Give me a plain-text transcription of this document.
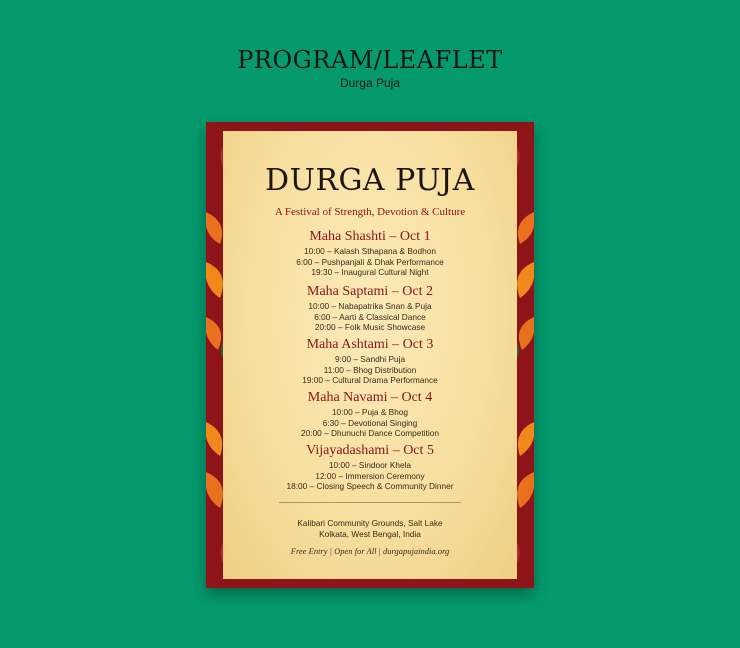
PROGRAM/LEAFLET
Durga Puja
DURGA PUJA
A Festival of Strength, Devotion & Culture
Maha Shashti – Oct 1
10:00 – Kalash Sthapana & Bodhon
6:00 – Pushpanjali & Dhak Performance
19:30 – Inaugural Cultural Night
Maha Saptami – Oct 2
10:00 – Nabapatrika Snan & Puja
6:00 – Aarti & Classical Dance
20:00 – Folk Music Showcase
Maha Ashtami – Oct 3
9:00 – Sandhi Puja
11:00 – Bhog Distribution
19:00 – Cultural Drama Performance
Maha Navami – Oct 4
10:00 – Puja & Bhog
6:30 – Devotional Singing
20:00 – Dhunuchi Dance Competition
Vijayadashami – Oct 5
10:00 – Sindoor Khela
12:00 – Immersion Ceremony
18:00 – Closing Speech & Community Dinner
Kalibari Community Grounds, Salt Lake
Kolkata, West Bengal, India
Free Entry | Open for All | durgapujaindia.org
